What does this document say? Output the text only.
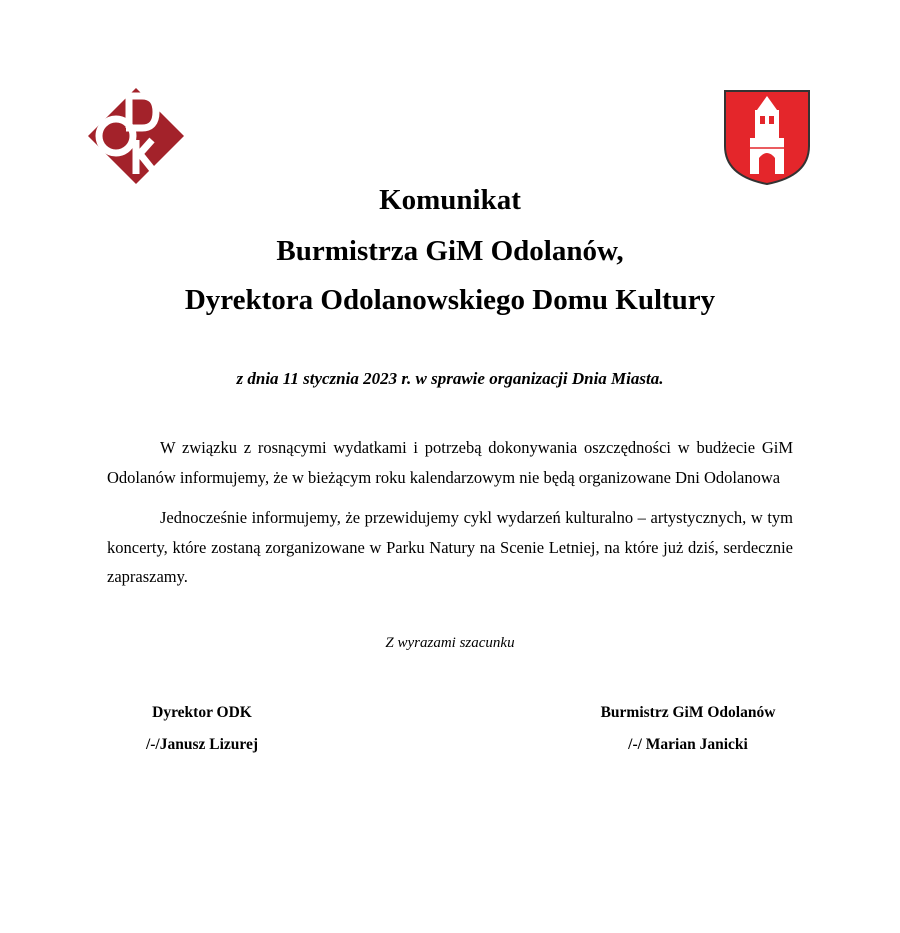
Komunikat
Burmistrza GiM Odolanów,
Dyrektora Odolanowskiego Domu Kultury
z dnia 11 stycznia 2023 r. w sprawie organizacji Dnia Miasta.
W związku z rosnącymi wydatkami i potrzebą dokonywania oszczędności w budżecie GiM Odolanów informujemy, że w bieżącym roku kalendarzowym nie będą organizowane Dni Odolanowa
Jednocześnie informujemy, że przewidujemy cykl wydarzeń kulturalno – artystycznych, w tym koncerty, które zostaną zorganizowane w Parku Natury na Scenie Letniej, na które już dziś, serdecznie zapraszamy.
Z wyrazami szacunku
Dyrektor ODK
/-/Janusz Lizurej
Burmistrz GiM Odolanów
/-/ Marian Janicki
